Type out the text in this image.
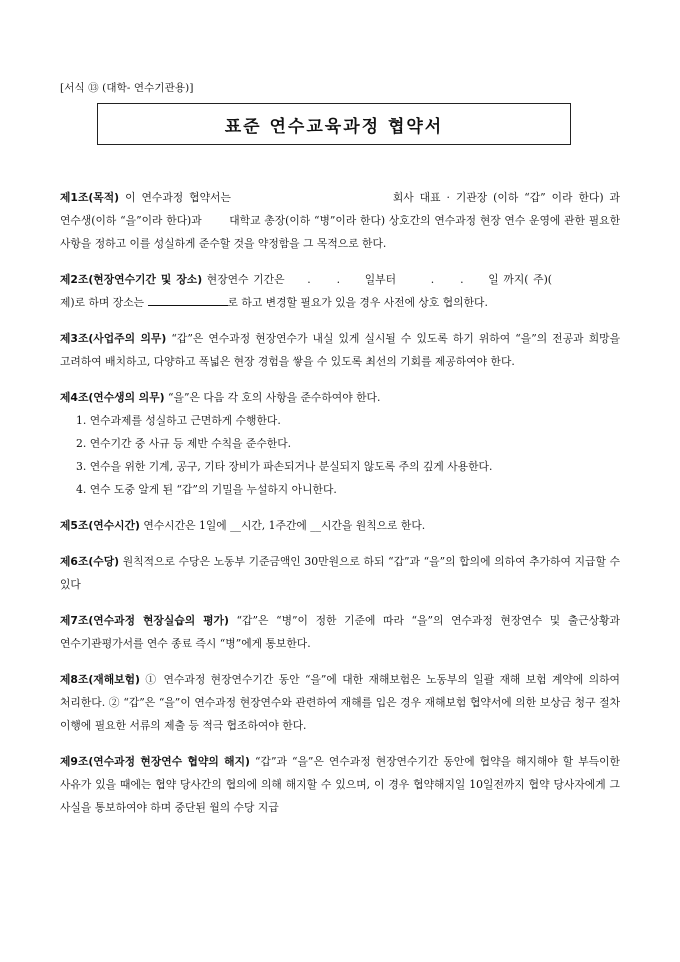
[서식 ⑬ (대학- 연수기관용)]
표준 연수교육과정 협약서

제1조(목적) 이 연수과정 협약서는	회사 대표 · 기관장 (이하 “갑” 이라 한다) 과 연수생(이하 “을”이라 한다)과  대학교 총장(이하 “병”이라 한다) 상호간의 연수과정 현장 연수 운영에 관한 필요한 사항을 정하고 이를 성실하게 준수할 것을 약정함을 그 목적으로 한다.

제2조(현장연수기간 및 장소) 현장연수 기간은 . . 일부터	. . 일 까지( 주)( 제)로 하며 장소는	로 하고 변경할 필요가 있을 경우 사전에 상호 협의한다.

제3조(사업주의 의무) “갑”은 연수과정 현장연수가 내실 있게 실시될 수 있도록 하기 위하여 “을”의 전공과 희망을 고려하여 배치하고, 다양하고 폭넓은 현장 경험을 쌓을 수 있도록 최선의 기회를 제공하여야 한다.

제4조(연수생의 의무) “을”은 다음 각 호의 사항을 준수하여야 한다.
1. 연수과제를 성실하고 근면하게 수행한다.
2. 연수기간 중 사규 등 제반 수칙을 준수한다.
3. 연수을 위한 기계, 공구, 기타 장비가 파손되거나 분실되지 않도록 주의 깊게 사용한다.
4. 연수 도중 알게 된 “갑”의 기밀을 누설하지 아니한다.

제5조(연수시간) 연수시간은 1일에 __시간, 1주간에 __시간을 원칙으로 한다.

제6조(수당) 원칙적으로 수당은 노동부 기준금액인 30만원으로 하되 “갑”과 “을”의 합의에 의하여 추가하여 지급할 수 있다

제7조(연수과정 현장실습의 평가) “갑”은 “병”이 정한 기준에 따라 “을”의 연수과정 현장연수 및 출근상황과 연수기관평가서를 연수 종료 즉시 “병”에게 통보한다.

제8조(재해보험) ① 연수과정 현장연수기간 동안 “을”에 대한 재해보험은 노동부의 일괄 재해 보험 계약에 의하여 처리한다. ② “갑”은 “을”이 연수과정 현장연수와 관련하여 재해를 입은 경우 재해보험 협약서에 의한 보상금 청구 절차 이행에 필요한 서류의 제출 등 적극 협조하여야 한다.

제9조(연수과정 현장연수 협약의 해지) “갑”과 “을”은 연수과정 현장연수기간 동안에 협약을 해지해야 할 부득이한 사유가 있을 때에는 협약 당사간의 협의에 의해 해지할 수 있으며, 이 경우 협약해지일 10일전까지 협약 당사자에게 그 사실을 통보하여야 하며 중단된 월의 수당 지급
